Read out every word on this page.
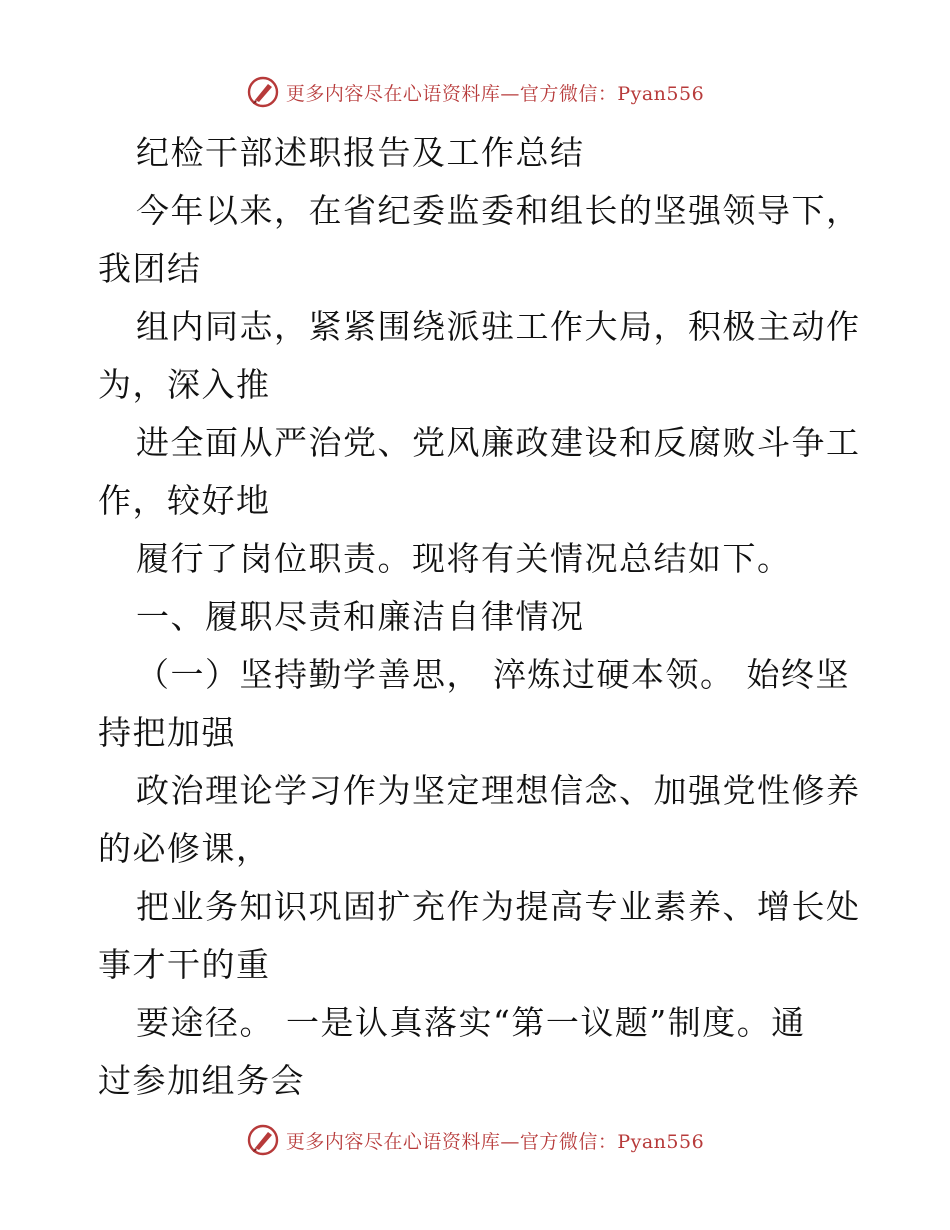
更多内容尽在心语资料库—官方微信：Pyan556
纪检干部述职报告及工作总结
今年以来，在省纪委监委和组长的坚强领导下，
我团结
组内同志，紧紧围绕派驻工作大局，积极主动作
为，深入推
进全面从严治党、党风廉政建设和反腐败斗争工
作，较好地
履行了岗位职责。现将有关情况总结如下。
一、履职尽责和廉洁自律情况
（一）坚持勤学善思， 淬炼过硬本领。 始终坚
持把加强
政治理论学习作为坚定理想信念、加强党性修养
的必修课，
把业务知识巩固扩充作为提高专业素养、增长处
事才干的重
要途径。 一是认真落实“第一议题”制度。通
过参加组务会
更多内容尽在心语资料库—官方微信：Pyan556
